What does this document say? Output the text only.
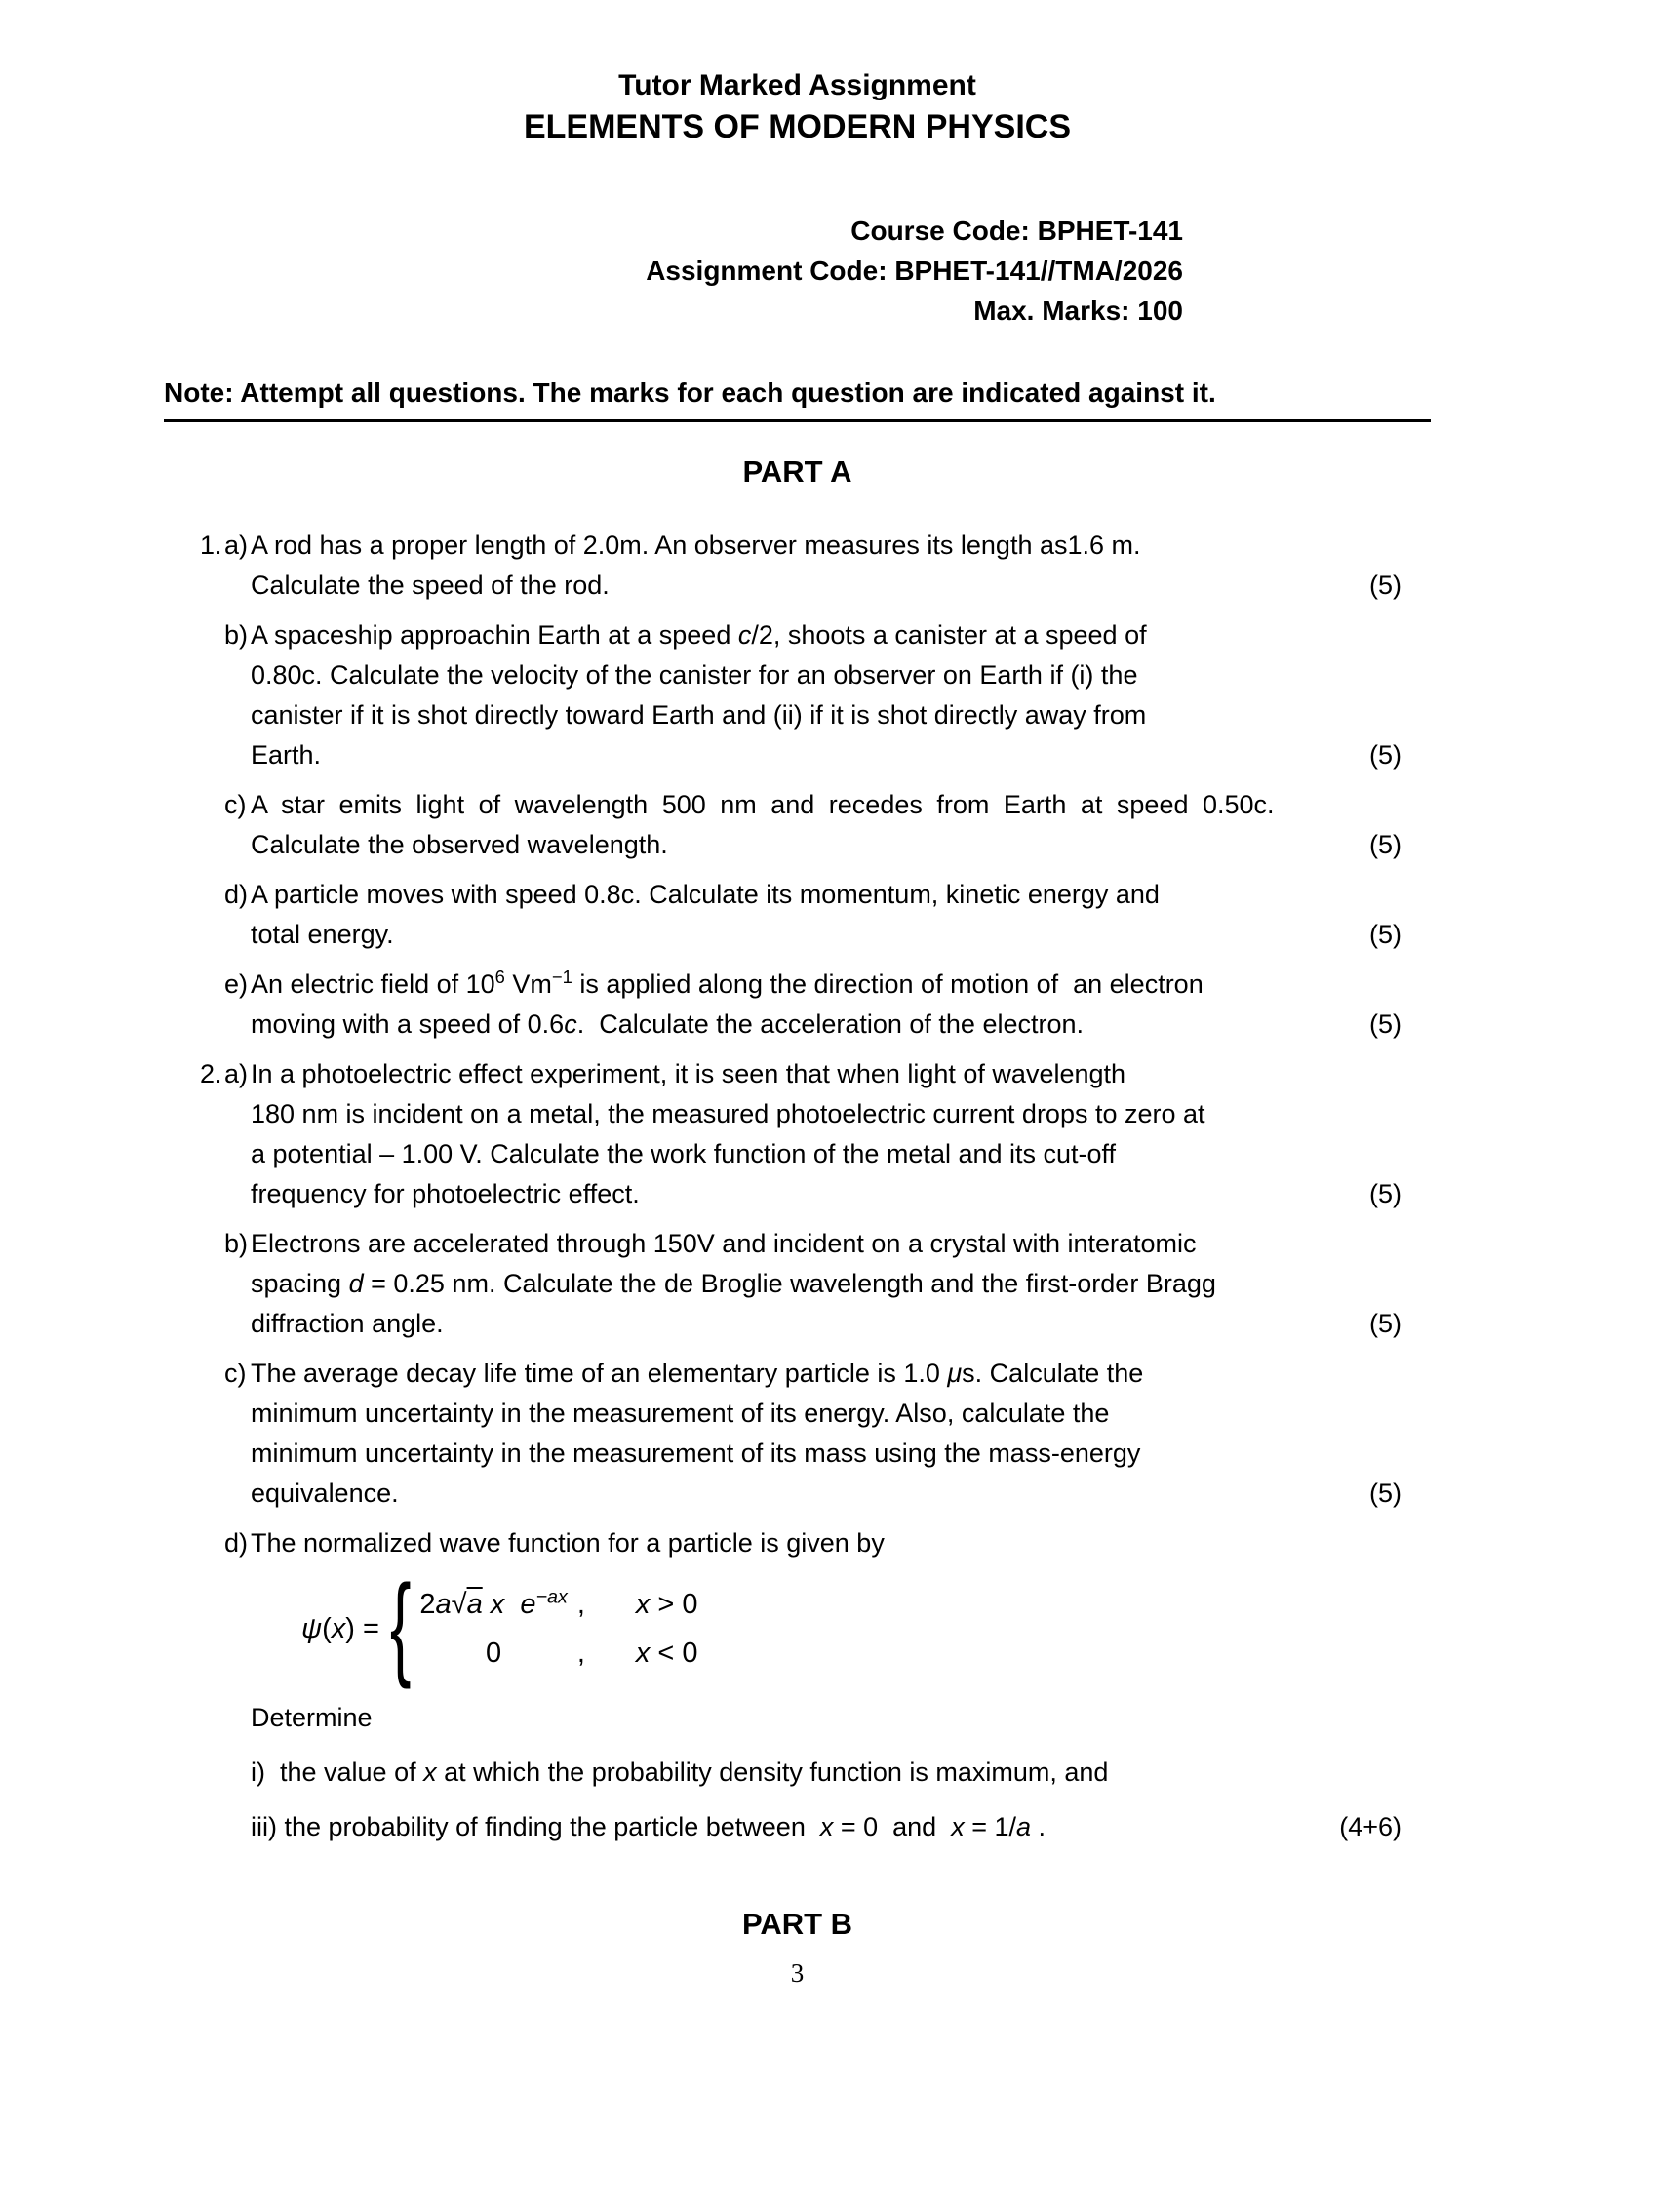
Tutor Marked Assignment
ELEMENTS OF MODERN PHYSICS
Course Code: BPHET-141
Assignment Code: BPHET-141//TMA/2026
Max. Marks: 100
Note: Attempt all questions. The marks for each question are indicated against it.
PART A
1. a) A rod has a proper length of 2.0m. An observer measures its length as1.6 m.
Calculate the speed of the rod.	(5)
b) A spaceship approachin Earth at a speed c/2, shoots a canister at a speed of
0.80c. Calculate the velocity of the canister for an observer on Earth if (i) the
canister if it is shot directly toward Earth and (ii) if it is shot directly away from
Earth.	(5)
c) A star emits light of wavelength 500 nm and recedes from Earth at speed 0.50c.
Calculate the observed wavelength.	(5)
d) A particle moves with speed 0.8c. Calculate its momentum, kinetic energy and
total energy.	(5)
e) An electric field of $10^6$ $Vm^{-1}$ is applied along the direction of motion of  an electron
moving with a speed of 0.6c.  Calculate the acceleration of the electron.	(5)
2. a) In a photoelectric effect experiment, it is seen that when light of wavelength
180 nm is incident on a metal, the measured photoelectric current drops to zero at
a potential – 1.00 V. Calculate the work function of the metal and its cut-off
frequency for photoelectric effect.	(5)
b) Electrons are accelerated through 150V and incident on a crystal with interatomic
spacing d = 0.25 nm. Calculate the de Broglie wavelength and the first-order Bragg
diffraction angle.	(5)
c) The average decay life time of an elementary particle is 1.0 μs. Calculate the
minimum uncertainty in the measurement of its energy. Also, calculate the
minimum uncertainty in the measurement of its mass using the mass-energy
equivalence.	(5)
d) The normalized wave function for a particle is given by
ψ(x) = { 2a√a x $e^{-ax}$ ,	x > 0
0	,	x < 0
Determine
i)  the value of x at which the probability density function is maximum, and
iii) the probability of finding the particle between  x = 0  and  x = 1/a .	(4+6)
PART B
3
